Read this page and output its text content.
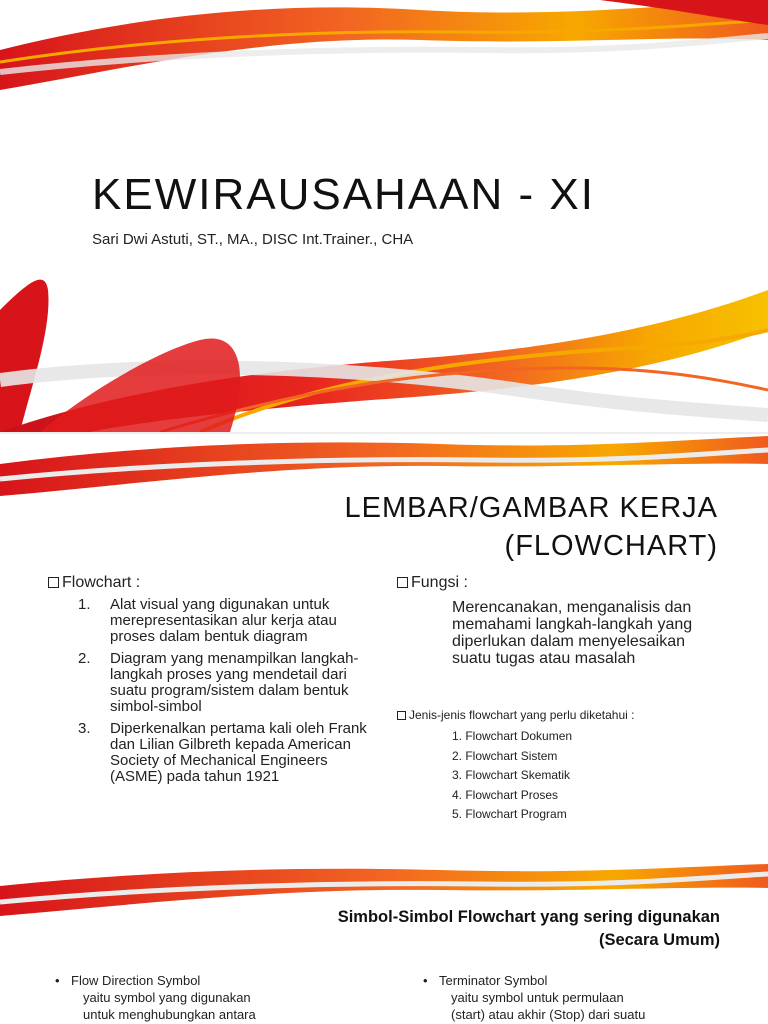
KEWIRAUSAHAAN - XI

Sari Dwi Astuti, ST., MA., DISC Int.Trainer., CHA

LEMBAR/GAMBAR KERJA
(FLOWCHART)

Flowchart :

1. Alat visual yang digunakan untuk merepresentasikan alur kerja atau proses dalam bentuk diagram
2. Diagram yang menampilkan langkah-langkah proses yang mendetail dari suatu program/sistem dalam bentuk simbol-simbol
3. Diperkenalkan pertama kali oleh Frank dan Lilian Gilbreth kepada American Society of Mechanical Engineers (ASME) pada tahun 1921

Fungsi :

Merencanakan, menganalisis dan memahami langkah-langkah yang diperlukan dalam menyelesaikan suatu tugas atau masalah

Jenis-jenis flowchart yang perlu diketahui :

1. Flowchart Dokumen
2. Flowchart Sistem
3. Flowchart Skematik
4. Flowchart Proses
5. Flowchart Program
Simbol-Simbol Flowchart yang sering digunakan
(Secara Umum)
• Flow Direction Symbol
yaitu symbol yang digunakan
untuk menghubungkan antara
• Terminator Symbol
yaitu symbol untuk permulaan
(start) atau akhir (Stop) dari suatu
